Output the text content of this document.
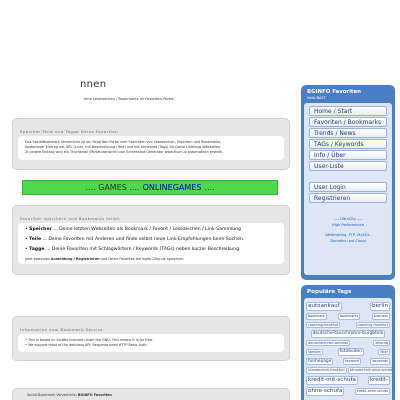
nnen
eine Lesezeichen / Bookmarks im Favoriten-Portal.
Speicher Teile und Tagge Deine Favoriten
Das SocialBookmark Verzeichnis ist ein Favoriten-Portal zum Speichern von Lesezeichen, Favoriten und Bookmarks.
Kostenloser Eintrag mit URL (Link), mit Beschreibung (Text) und mit Keywords (Tags) für Deine Lieblings Webseiten.
Zu jedem Eintrag wird ein Thumbnail (Miniaturansicht) von Screenshot Generator www.thum.io automatisch erstellt.
.... GAMES .... ONLINEGAMES ....
Favoriten speichern und Bookmarks teilen
• Speicher ... Deine letzten Webseiten als Bookmark / Favorit / Lesezeichen / Link-Sammlung
• Teile ... Deine Favoriten mit Anderen und finde selbst neue Link-Empfehlungen beim Suchen.
• Tagge ... Deine Favoriten mit Schlagwörtern / Keywords (TAGs) neben kurzer Beschreibung.
Jetzt kostenlos Anmeldung / Registrieren und Deine Favoriten bei bgifo.12hp.de speichern.
Information zum Bookmark-Service
• This is based on Scuttle licensed under the GNU. This means it is for free.
• We support most of the delicious API. Requests need HTTP Basic Auth.
Social-Bookmark Verzeichnis: BGINFO Favoriten
BGINFO Favoriten
Hallo BAST
Home / Start
Favoriten / Bookmarks
Trends / News
TAGs / Keywords
Info / Über
User-Liste
User Login
Registrieren
---- UltraCity ----
High Performance
Webhosting, FTP, MySQL,
Domains und Cloud
Populäre Tags
autoankauf	berlin
bookmark	bookmarks	business
coaching-frankfurt	coaching-frankfurt
deutsche-tauschrohre-burgbtelo
die-lenkerinnen-seminar	einbrug
familien	fotoboden	filter
homepage	keyword	keywords
klimatechnik-frankfurt	klimatechnik-ohne-schufa
kredit-mit-schufa	kredit-
ohne-schufa	kredit-ohne-schufa
